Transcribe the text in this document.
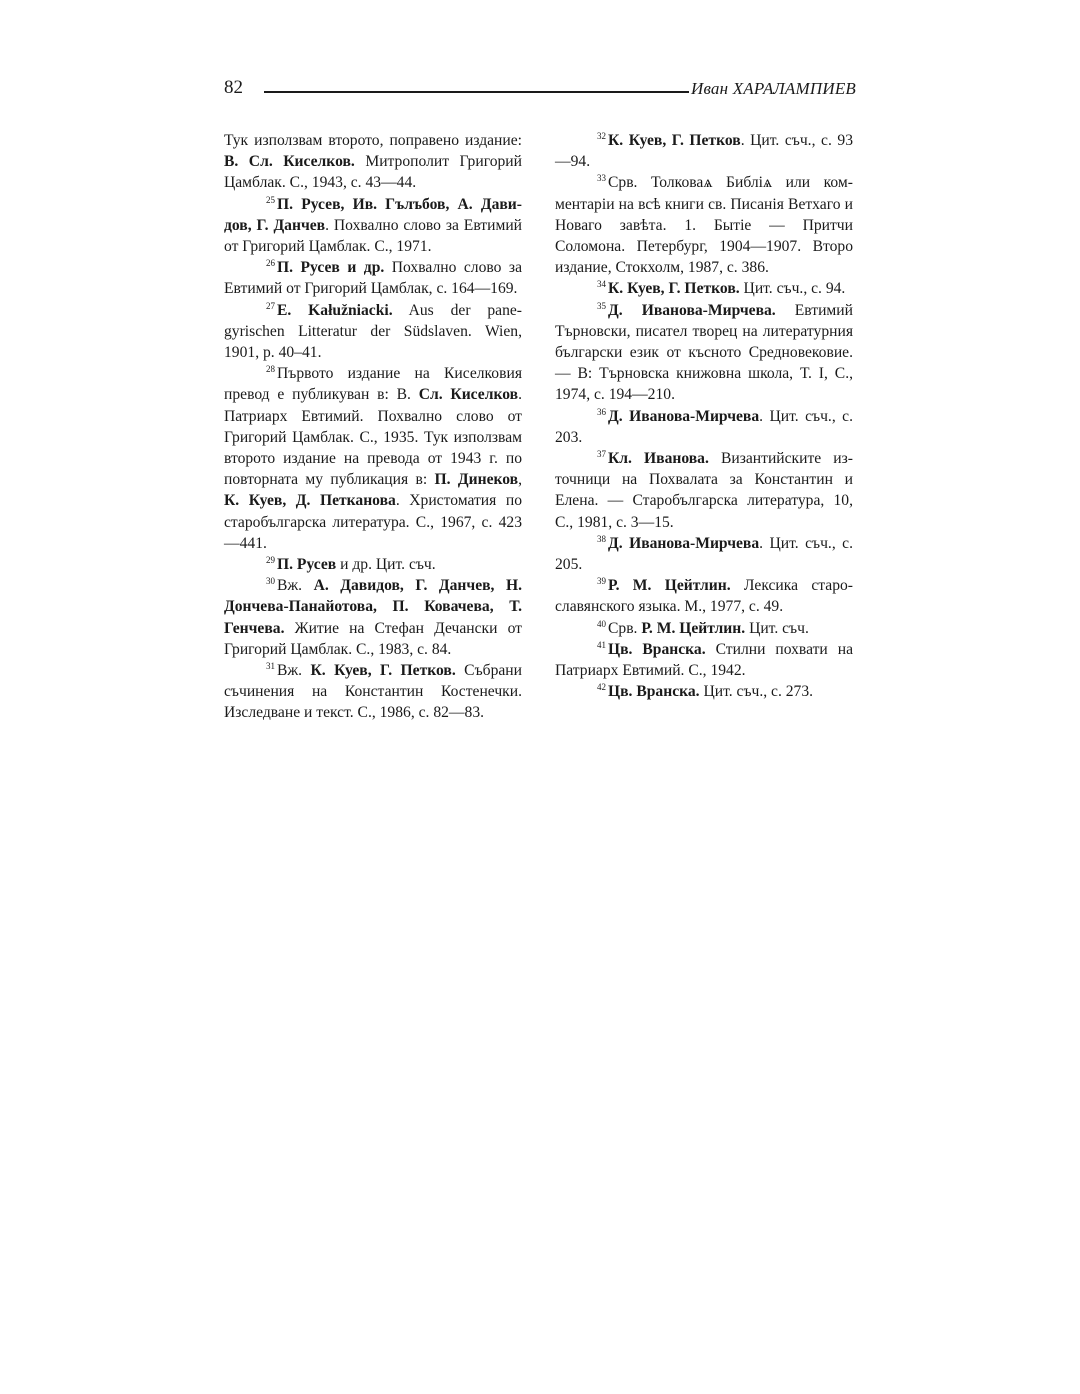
82	Иван ХАРАЛАМПИЕВ

Тук използвам второто, поправено издание: В. Сл. Киселков. Митрополит Григорий Цамблак. С., 1943, с. 43—44.

$^{25}$ П. Русев, Ив. Гълъбов, А. Давидов, Г. Данчев. Похвално слово за Евтимий от Григорий Цамблак. С., 1971.

$^{26}$ П. Русев и др. Похвално слово за Евтимий от Григорий Цамблак, с. 164—169.

$^{27}$ E. Kałužniacki. Aus der panegyrischen Litteratur der Südslaven. Wien, 1901, p. 40–41.

$^{28}$ Първото издание на Киселковия превод е публикуван в: В. Сл. Киселков. Патриарх Евтимий. Похвално слово от Григорий Цамблак. С., 1935. Тук използвам второто издание на превода от 1943 г. по повторната му публикация в: П. Динеков, К. Куев, Д. Петканова. Христоматия по старобългарска литература. С., 1967, с. 423—441.

$^{29}$ П. Русев и др. Цит. съч.

$^{30}$ Вж. А. Давидов, Г. Данчев, Н. Дончева-Панайотова, П. Ковачева, Т. Генчева. Житие на Стефан Дечански от Григорий Цамблак. С., 1983, с. 84.

$^{31}$ Вж. К. Куев, Г. Петков. Събрани съчинения на Константин Костенечки. Изследване и текст. С., 1986, с. 82—83.

$^{32}$ К. Куев, Г. Петков. Цит. съч., с. 93—94.

$^{33}$ Срв. Толковаѧ Библіѧ или комментаріи на всѣ книги св. Писанія Ветхаго и Новаго завѣта. 1. Бытіе — Притчи Соломона. Петербург, 1904—1907. Второ издание, Стокхолм, 1987, с. 386.

$^{34}$ К. Куев, Г. Петков. Цит. съч., с. 94.

$^{35}$ Д. Иванова-Мирчева. Евтимий Търновски, писател творец на литературния български език от късното Средновековие. — В: Търновска книжовна школа, Т. I, С., 1974, с. 194—210.

$^{36}$ Д. Иванова-Мирчева. Цит. съч., с. 203.

$^{37}$ Кл. Иванова. Византийските източници на Похвалата за Константин и Елена. — Старобългарска литература, 10, С., 1981, с. 3—15.

$^{38}$ Д. Иванова-Мирчева. Цит. съч., с. 205.

$^{39}$ Р. М. Цейтлин. Лексика старославянского языка. М., 1977, с. 49.

$^{40}$ Срв. Р. М. Цейтлин. Цит. съч.

$^{41}$ Цв. Вранска. Стилни похвати на Патриарх Евтимий. С., 1942.

$^{42}$ Цв. Вранска. Цит. съч., с. 273.
